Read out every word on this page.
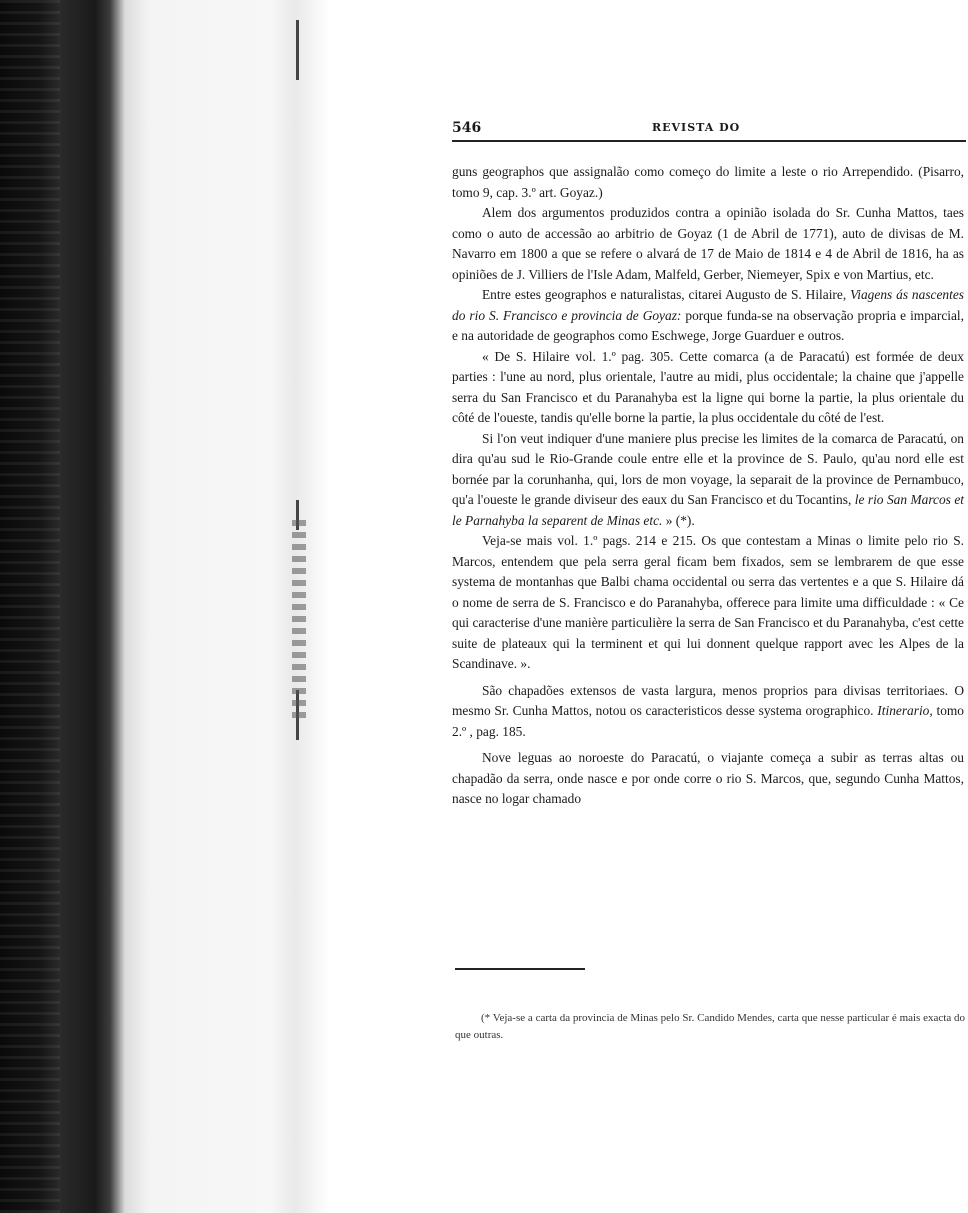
546	REVISTA DO

guns geographos que assignalão como começo do limite a leste o rio Arrependido. (Pisarro, tomo 9, cap. 3.º art. Goyaz.)

Alem dos argumentos produzidos contra a opinião isolada do Sr. Cunha Mattos, taes como o auto de accessão ao arbitrio de Goyaz (1 de Abril de 1771), auto de divisas de M. Navarro em 1800 a que se refere o alvará de 17 de Maio de 1814 e 4 de Abril de 1816, ha as opiniões de J. Villiers de l'Isle Adam, Malfeld, Gerber, Niemeyer, Spix e von Martius, etc.

Entre estes geographos e naturalistas, citarei Augusto de S. Hilaire, Viagens ás nascentes do rio S. Francisco e provincia de Goyaz: porque funda-se na observação propria e imparcial, e na autoridade de geographos como Eschwege, Jorge Guarduer e outros.

« De S. Hilaire vol. 1.º pag. 305. Cette comarca (a de Paracatú) est formée de deux parties : l'une au nord, plus orientale, l'autre au midi, plus occidentale; la chaine que j'appelle serra du San Francisco et du Paranahyba est la ligne qui borne la partie, la plus orientale du côté de l'oueste, tandis qu'elle borne la partie, la plus occidentale du côté de l'est.

Si l'on veut indiquer d'une maniere plus precise les limites de la comarca de Paracatú, on dira qu'au sud le Rio-Grande coule entre elle et la province de S. Paulo, qu'au nord elle est bornée par la corunhanha, qui, lors de mon voyage, la separait de la province de Pernambuco, qu'a l'oueste le grande diviseur des eaux du San Francisco et du Tocantins, le rio San Marcos et le Parnahyba la separent de Minas etc. » (*).

Veja-se mais vol. 1.º pags. 214 e 215. Os que contestam a Minas o limite pelo rio S. Marcos, entendem que pela serra geral ficam bem fixados, sem se lembrarem de que esse systema de montanhas que Balbi chama occidental ou serra das vertentes e a que S. Hilaire dá o nome de serra de S. Francisco e do Paranahyba, offerece para limite uma difficuldade : « Ce qui caracterise d'une manière particulière la serra de San Francisco et du Paranahyba, c'est cette suite de plateaux qui la terminent et qui lui donnent quelque rapport avec les Alpes de la Scandinave. ».

São chapadões extensos de vasta largura, menos proprios para divisas territoriaes. O mesmo Sr. Cunha Mattos, notou os caracteristicos desse systema orographico. Itinerario, tomo 2.º , pag. 185.

Nove leguas ao noroeste do Paracatú, o viajante começa a subir as terras altas ou chapadão da serra, onde nasce e por onde corre o rio S. Marcos, que, segundo Cunha Mattos, nasce no logar chamado

(* Veja-se a carta da provincia de Minas pelo Sr. Candido Mendes, carta que nesse particular é mais exacta do que outras.
